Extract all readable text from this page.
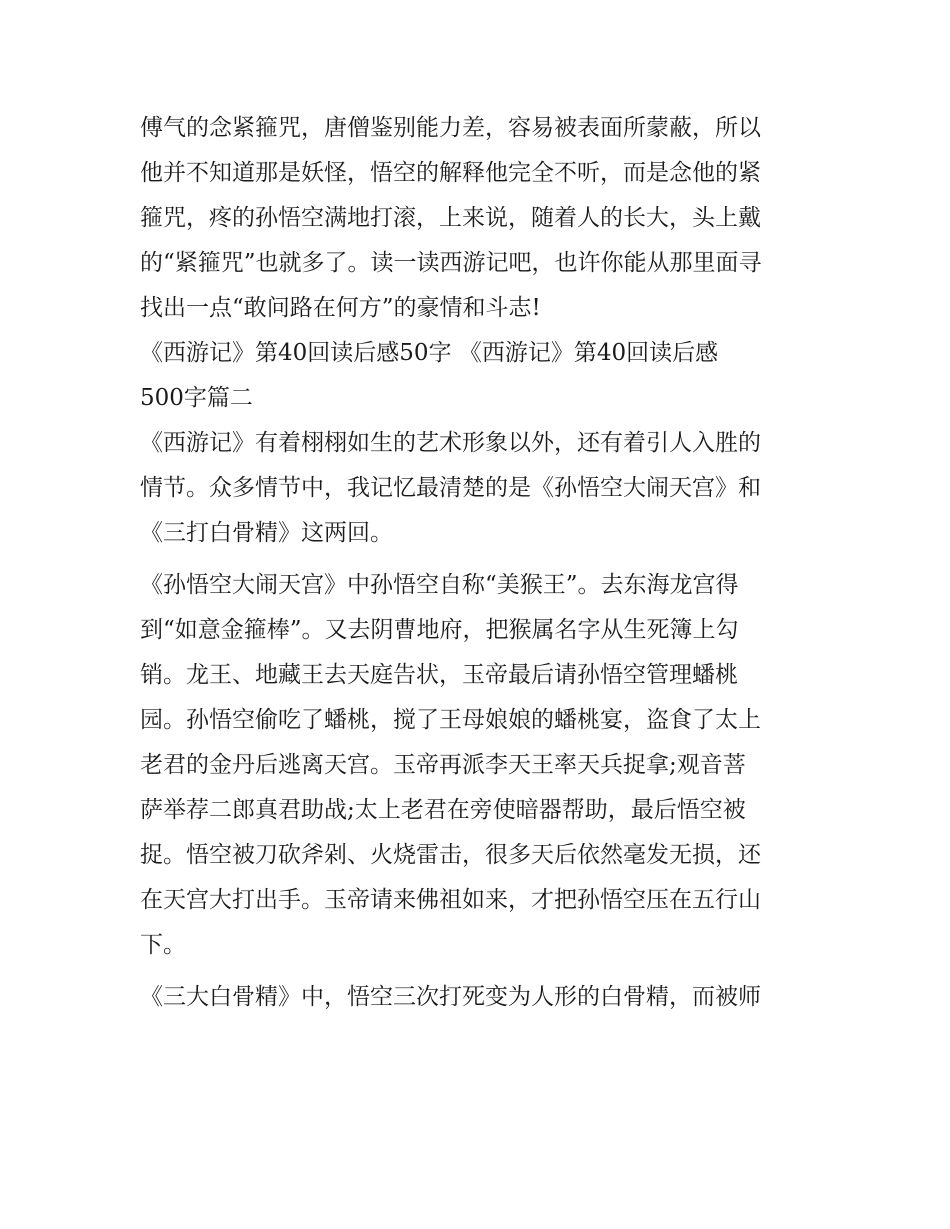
傅气的念紧箍咒，唐僧鉴别能力差，容易被表面所蒙蔽，所以
他并不知道那是妖怪，悟空的解释他完全不听，而是念他的紧
箍咒，疼的孙悟空满地打滚，上来说，随着人的长大，头上戴
的“紧箍咒”也就多了。读一读西游记吧，也许你能从那里面寻
找出一点“敢问路在何方”的豪情和斗志!
《西游记》第40回读后感50字 《西游记》第40回读后感
500字篇二
《西游记》有着栩栩如生的艺术形象以外，还有着引人入胜的
情节。众多情节中，我记忆最清楚的是《孙悟空大闹天宫》和
《三打白骨精》这两回。
《孙悟空大闹天宫》中孙悟空自称“美猴王”。去东海龙宫得
到“如意金箍棒”。又去阴曹地府，把猴属名字从生死簿上勾
销。龙王、地藏王去天庭告状，玉帝最后请孙悟空管理蟠桃
园。孙悟空偷吃了蟠桃，搅了王母娘娘的蟠桃宴，盗食了太上
老君的金丹后逃离天宫。玉帝再派李天王率天兵捉拿;观音菩
萨举荐二郎真君助战;太上老君在旁使暗器帮助，最后悟空被
捉。悟空被刀砍斧剁、火烧雷击，很多天后依然毫发无损，还
在天宫大打出手。玉帝请来佛祖如来，才把孙悟空压在五行山
下。
《三大白骨精》中，悟空三次打死变为人形的白骨精，而被师
